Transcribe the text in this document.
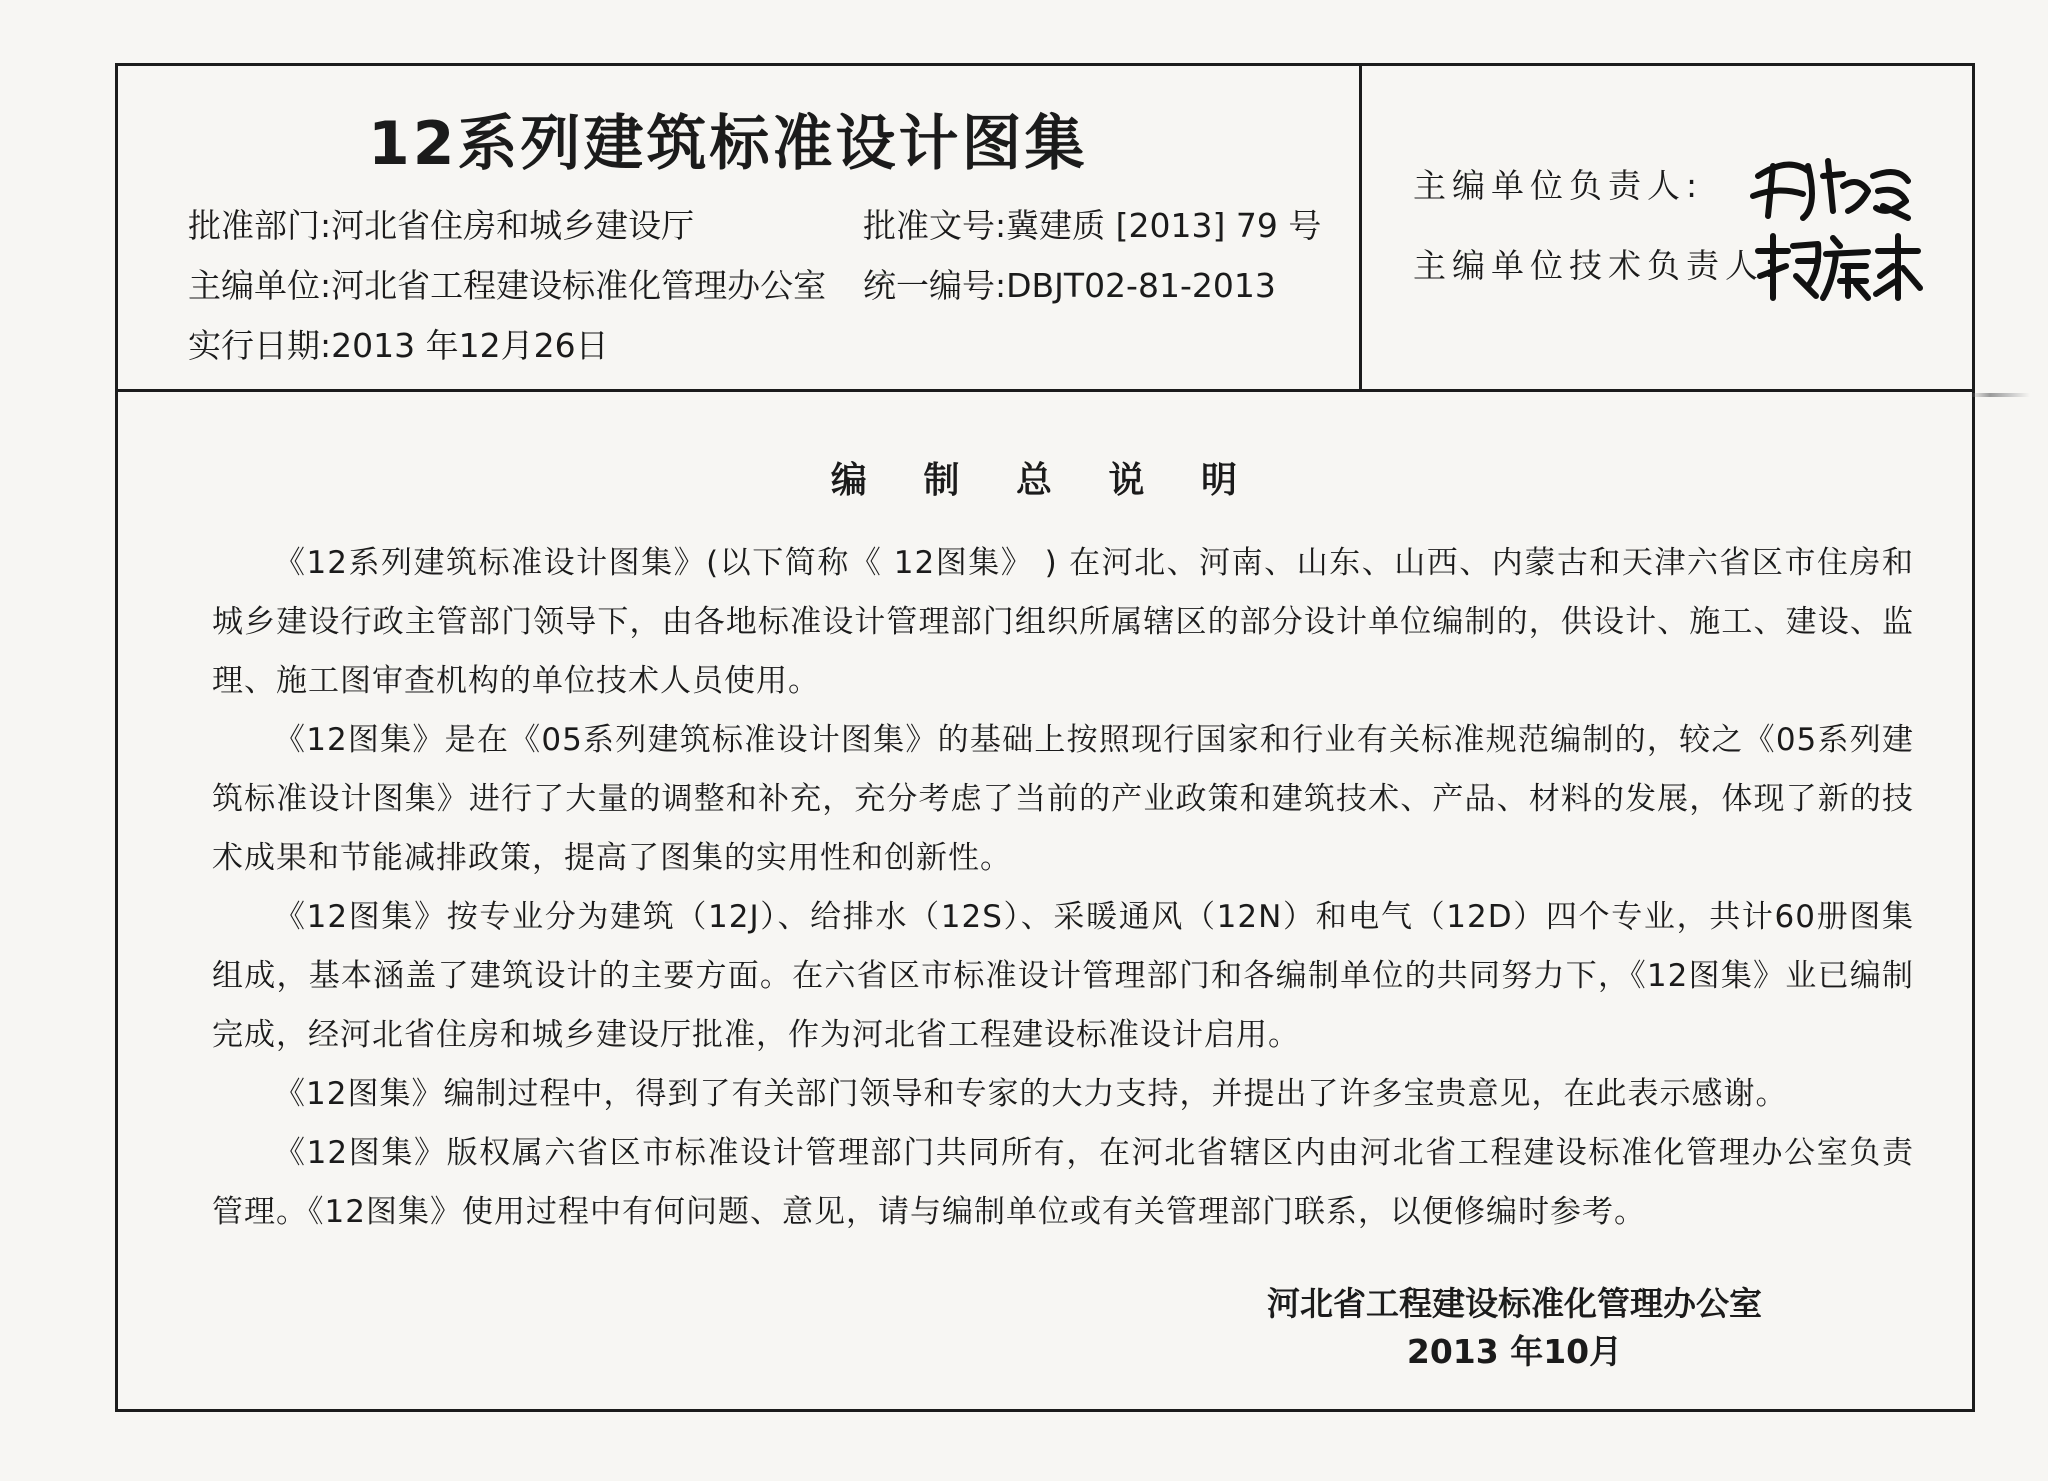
12系列建筑标准设计图集
批准部门:河北省住房和城乡建设厅	批准文号:冀建质 [2013] 79 号
主编单位:河北省工程建设标准化管理办公室 统一编号:DBJT02-81-2013
实行日期:2013 年12月26日
主编单位负责人:
主编单位技术负责人:
编 制 总 说 明
《12系列建筑标准设计图集》(以下简称《 12图集》 ) 在河北、河南、山东、山西、内蒙古和天津六省区市住房和城乡建设行政主管部门领导下，由各地标准设计管理部门组织所属辖区的部分设计单位编制的，供设计、施工、建设、监理、施工图审查机构的单位技术人员使用。
《12图集》是在《05系列建筑标准设计图集》的基础上按照现行国家和行业有关标准规范编制的，较之《05系列建筑标准设计图集》进行了大量的调整和补充，充分考虑了当前的产业政策和建筑技术、产品、材料的发展，体现了新的技术成果和节能减排政策，提高了图集的实用性和创新性。
《12图集》按专业分为建筑（12J）、给排水（12S）、采暖通风（12N）和电气（12D）四个专业，共计60册图集组成，基本涵盖了建筑设计的主要方面。在六省区市标准设计管理部门和各编制单位的共同努力下，《12图集》业已编制完成，经河北省住房和城乡建设厅批准，作为河北省工程建设标准设计启用。
《12图集》编制过程中，得到了有关部门领导和专家的大力支持，并提出了许多宝贵意见，在此表示感谢。
《12图集》版权属六省区市标准设计管理部门共同所有，在河北省辖区内由河北省工程建设标准化管理办公室负责管理。《12图集》使用过程中有何问题、意见，请与编制单位或有关管理部门联系，以便修编时参考。
河北省工程建设标准化管理办公室
2013 年10月
